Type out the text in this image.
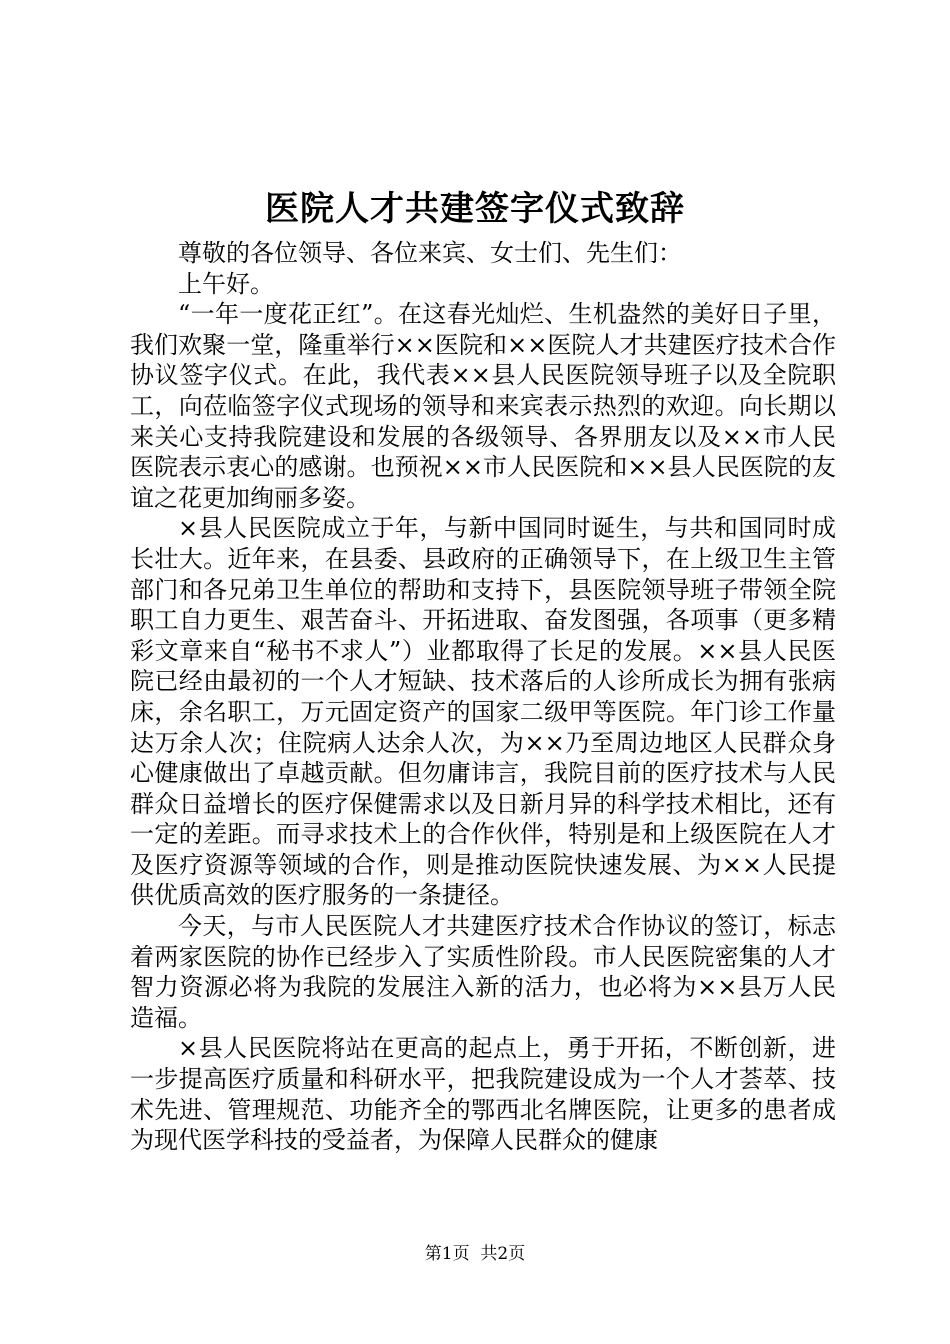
医院人才共建签字仪式致辞

尊敬的各位领导、各位来宾、女士们、先生们：

上午好。

“一年一度花正红”。在这春光灿烂、生机盎然的美好日子里，我们欢聚一堂，隆重举行××医院和××医院人才共建医疗技术合作协议签字仪式。在此，我代表××县人民医院领导班子以及全院职工，向莅临签字仪式现场的领导和来宾表示热烈的欢迎。向长期以来关心支持我院建设和发展的各级领导、各界朋友以及××市人民医院表示衷心的感谢。也预祝××市人民医院和××县人民医院的友谊之花更加绚丽多姿。

×县人民医院成立于年，与新中国同时诞生，与共和国同时成长壮大。近年来，在县委、县政府的正确领导下，在上级卫生主管部门和各兄弟卫生单位的帮助和支持下，县医院领导班子带领全院职工自力更生、艰苦奋斗、开拓进取、奋发图强，各项事（更多精彩文章来自“秘书不求人”）业都取得了长足的发展。××县人民医院已经由最初的一个人才短缺、技术落后的人诊所成长为拥有张病床，余名职工，万元固定资产的国家二级甲等医院。年门诊工作量达万余人次；住院病人达余人次，为××乃至周边地区人民群众身心健康做出了卓越贡献。但勿庸讳言，我院目前的医疗技术与人民群众日益增长的医疗保健需求以及日新月异的科学技术相比，还有一定的差距。而寻求技术上的合作伙伴，特别是和上级医院在人才及医疗资源等领域的合作，则是推动医院快速发展、为××人民提供优质高效的医疗服务的一条捷径。

今天，与市人民医院人才共建医疗技术合作协议的签订，标志着两家医院的协作已经步入了实质性阶段。市人民医院密集的人才智力资源必将为我院的发展注入新的活力，也必将为××县万人民造福。

×县人民医院将站在更高的起点上，勇于开拓，不断创新，进一步提高医疗质量和科研水平，把我院建设成为一个人才荟萃、技术先进、管理规范、功能齐全的鄂西北名牌医院，让更多的患者成为现代医学科技的受益者，为保障人民群众的健康

第1页 共2页
